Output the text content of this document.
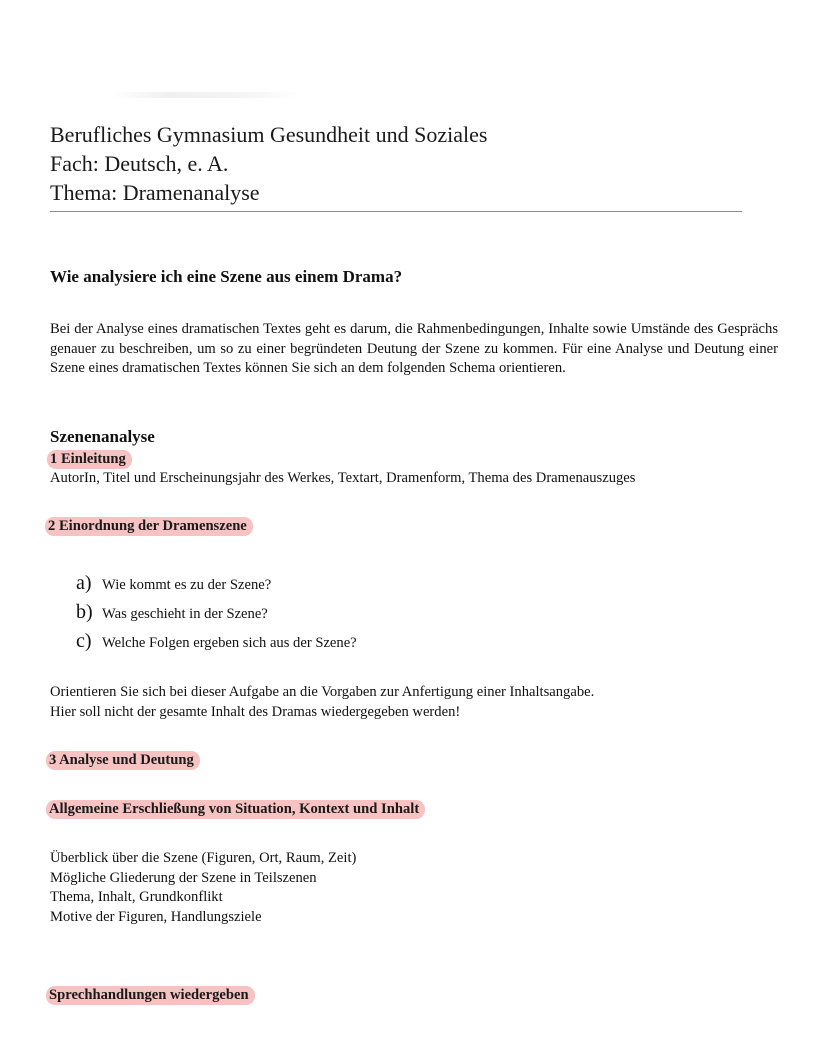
Berufliches Gymnasium Gesundheit und Soziales
Fach: Deutsch, e. A.
Thema: Dramenanalyse
Wie analysiere ich eine Szene aus einem Drama?
Bei der Analyse eines dramatischen Textes geht es darum, die Rahmenbedingungen, Inhalte sowie Umstände des Gesprächs genauer zu beschreiben, um so zu einer begründeten Deutung der Szene zu kommen. Für eine Analyse und Deutung einer Szene eines dramatischen Textes können Sie sich an dem folgenden Schema orientieren.
Szenenanalyse
1 Einleitung
AutorIn, Titel und Erscheinungsjahr des Werkes, Textart, Dramenform, Thema des Dramenauszuges
2 Einordnung der Dramenszene
a) Wie kommt es zu der Szene?
b) Was geschieht in der Szene?
c) Welche Folgen ergeben sich aus der Szene?
Orientieren Sie sich bei dieser Aufgabe an die Vorgaben zur Anfertigung einer Inhaltsangabe.
Hier soll nicht der gesamte Inhalt des Dramas wiedergegeben werden!
3 Analyse und Deutung
Allgemeine Erschließung von Situation, Kontext und Inhalt
Überblick über die Szene (Figuren, Ort, Raum, Zeit)
Mögliche Gliederung der Szene in Teilszenen
Thema, Inhalt, Grundkonflikt
Motive der Figuren, Handlungsziele
Sprechhandlungen wiedergeben
